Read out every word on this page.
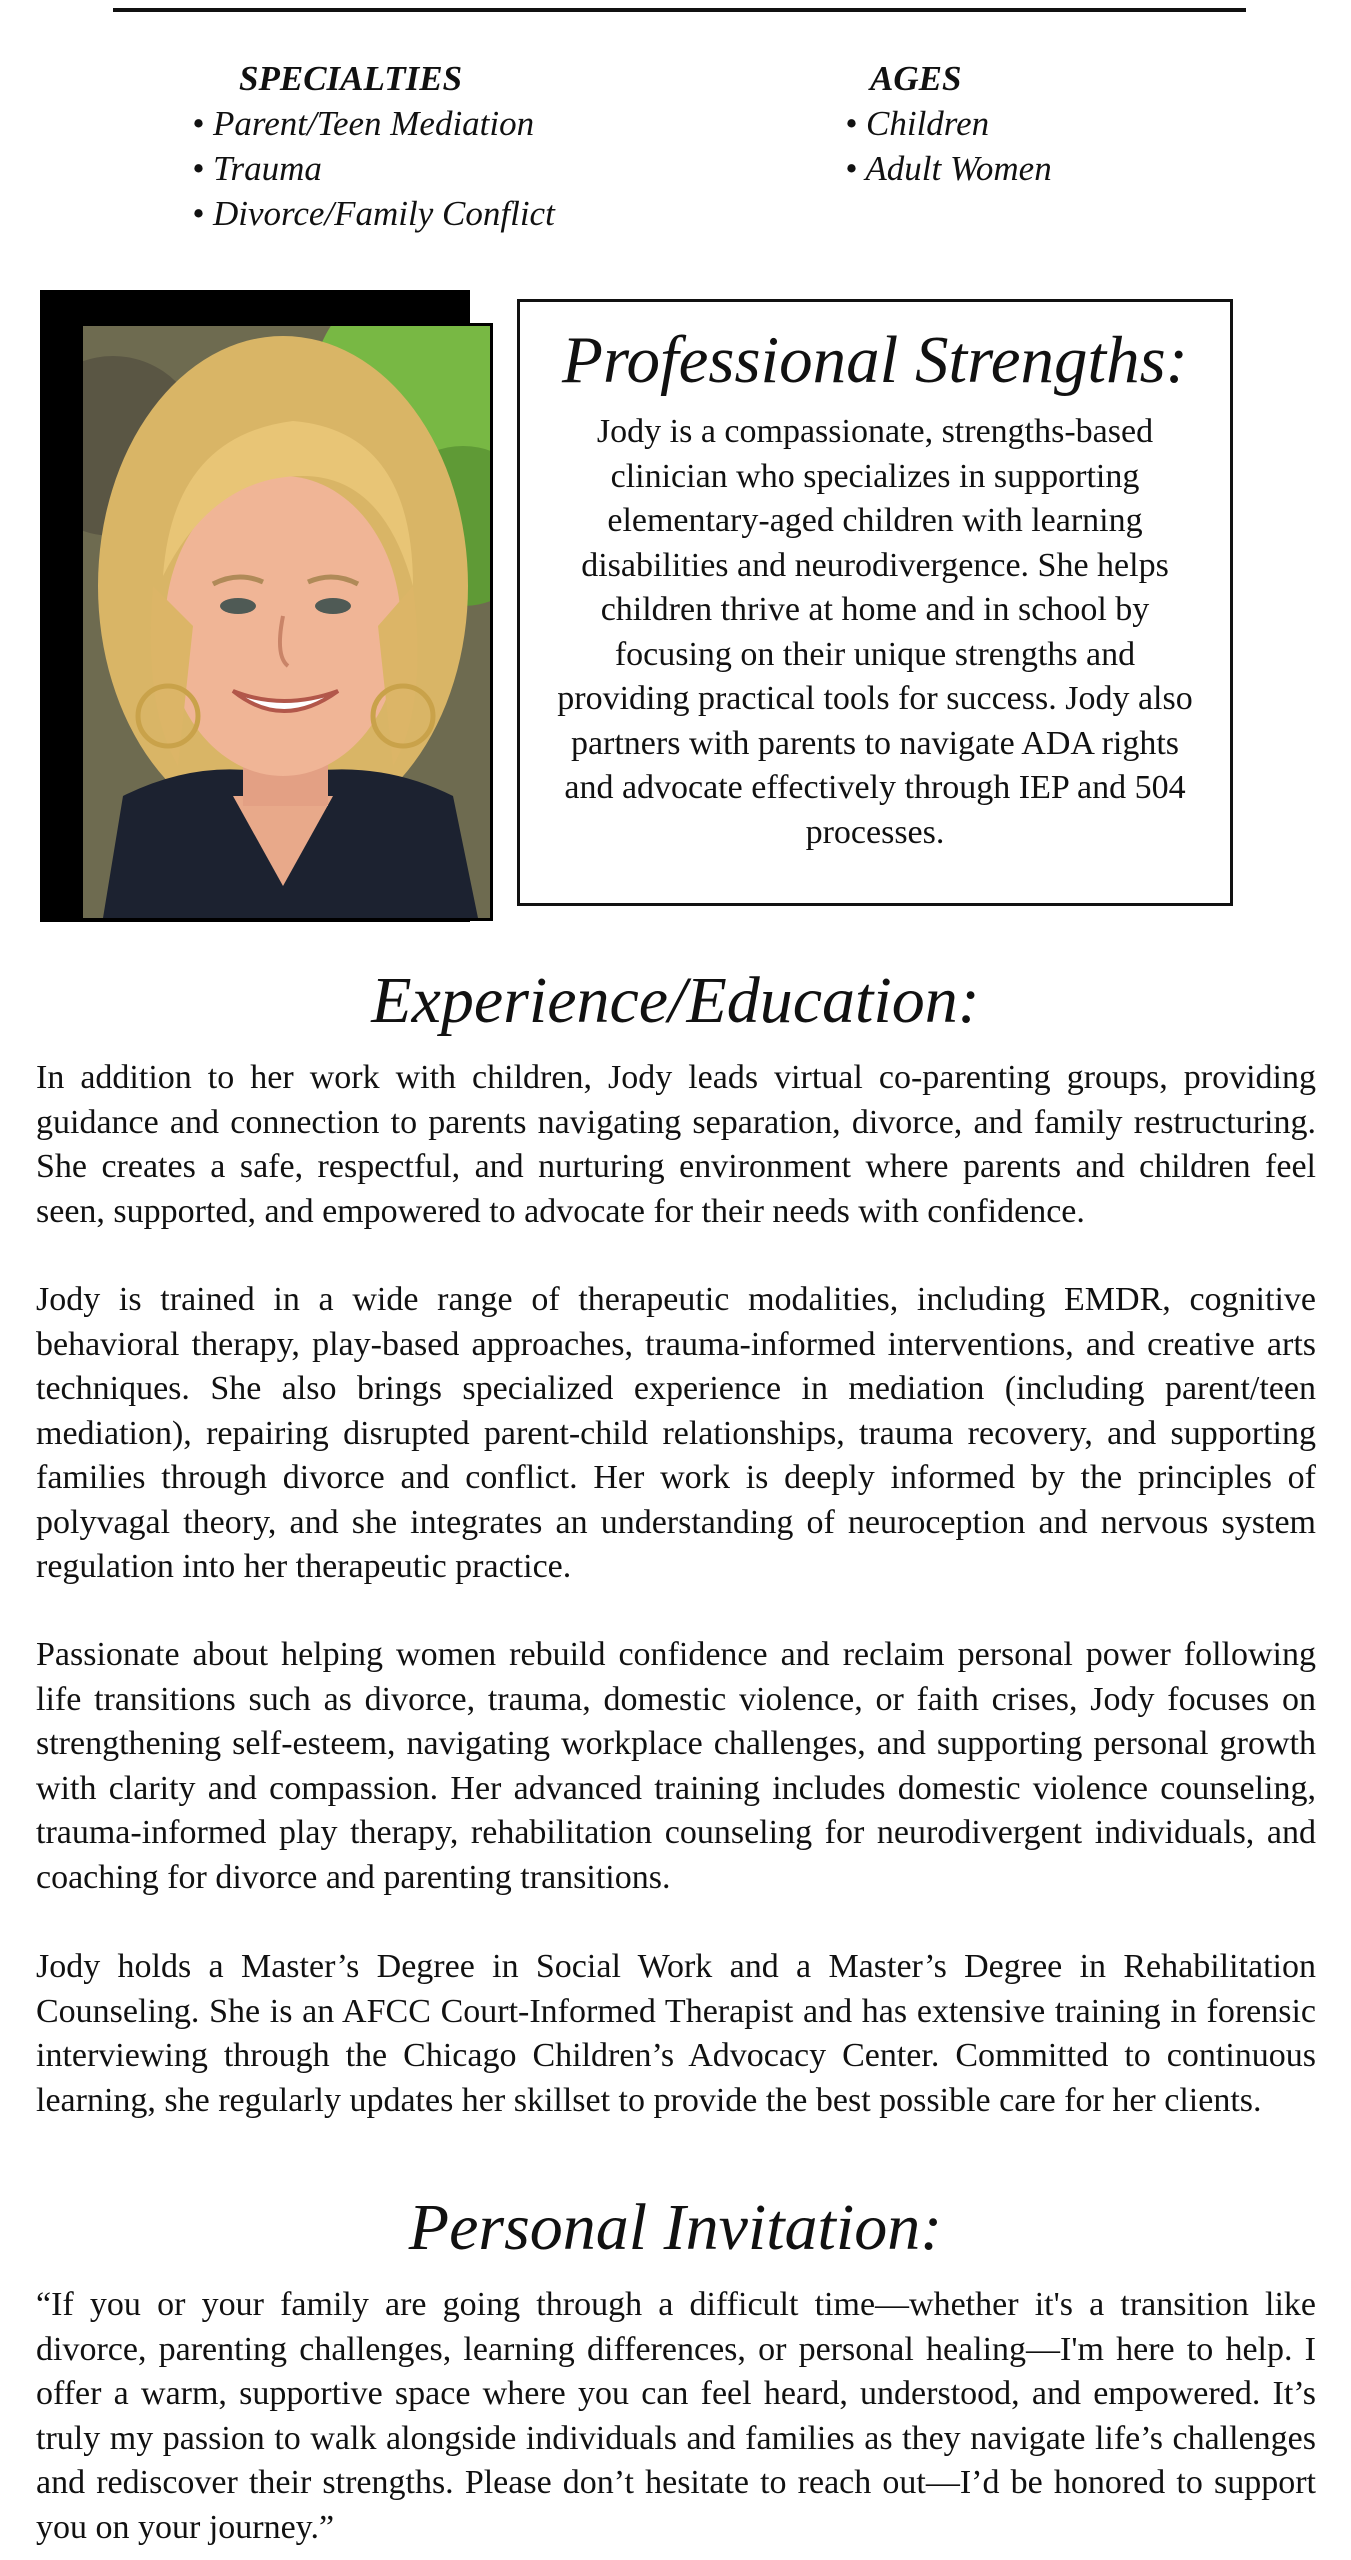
SPECIALTIES
• Parent/Teen Mediation
• Trauma
• Divorce/Family Conflict
AGES
• Children
• Adult Women
Professional Strengths:
Jody is a compassionate, strengths-based clinician who specializes in supporting elementary-aged children with learning disabilities and neurodivergence. She helps children thrive at home and in school by focusing on their unique strengths and providing practical tools for success. Jody also partners with parents to navigate ADA rights and advocate effectively through IEP and 504 processes.
Experience/Education:
In addition to her work with children, Jody leads virtual co-parenting groups, providing guidance and connection to parents navigating separation, divorce, and family restructuring. She creates a safe, respectful, and nurturing environment where parents and children feel seen, supported, and empowered to advocate for their needs with confidence.
Jody is trained in a wide range of therapeutic modalities, including EMDR, cognitive behavioral therapy, play-based approaches, trauma-informed interventions, and creative arts techniques. She also brings specialized experience in mediation (including parent/teen mediation), repairing disrupted parent-child relationships, trauma recovery, and supporting families through divorce and conflict. Her work is deeply informed by the principles of polyvagal theory, and she integrates an understanding of neuroception and nervous system regulation into her therapeutic practice.
Passionate about helping women rebuild confidence and reclaim personal power following life transitions such as divorce, trauma, domestic violence, or faith crises, Jody focuses on strengthening self-esteem, navigating workplace challenges, and supporting personal growth with clarity and compassion. Her advanced training includes domestic violence counseling, trauma-informed play therapy, rehabilitation counseling for neurodivergent individuals, and coaching for divorce and parenting transitions.
Jody holds a Master’s Degree in Social Work and a Master’s Degree in Rehabilitation Counseling. She is an AFCC Court-Informed Therapist and has extensive training in forensic interviewing through the Chicago Children’s Advocacy Center. Committed to continuous learning, she regularly updates her skillset to provide the best possible care for her clients.
Personal Invitation:
“If you or your family are going through a difficult time—whether it's a transition like divorce, parenting challenges, learning differences, or personal healing—I'm here to help. I offer a warm, supportive space where you can feel heard, understood, and empowered. It’s truly my passion to walk alongside individuals and families as they navigate life’s challenges and rediscover their strengths. Please don’t hesitate to reach out—I’d be honored to support you on your journey.”
